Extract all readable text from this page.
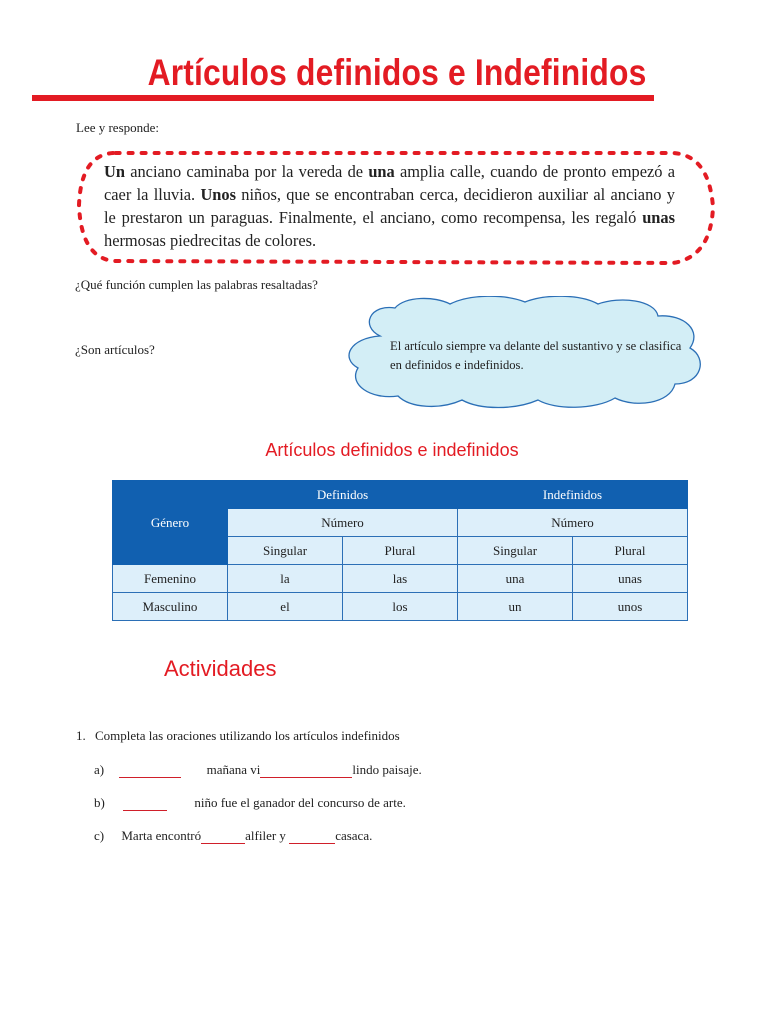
Artículos definidos e Indefinidos
Lee y responde:
Un anciano caminaba por la vereda de una amplia calle, cuando de pronto empezó a caer la lluvia. Unos niños, que se encontraban cerca, decidieron auxiliar al anciano y le prestaron un paraguas. Finalmente, el anciano, como recompensa, les regaló unas hermosas piedrecitas de colores.
¿Qué función cumplen las palabras resaltadas?
¿Son artículos?	El artículo siempre va delante del sustantivo y se clasifica en definidos e indefinidos.
Artículos definidos e indefinidos
Género	Definidos		Indefinidos	
	Número		Número	
	Singular	Plural	Singular	Plural
Femenino	la	las	una	unas
Masculino	el	los	un	unos
Actividades
1. Completa las oraciones utilizando los artículos indefinidos
a)	mañana vi	lindo paisaje.
b)	niño fue el ganador del concurso de arte.
c) Marta encontró	alfiler y	casaca.
